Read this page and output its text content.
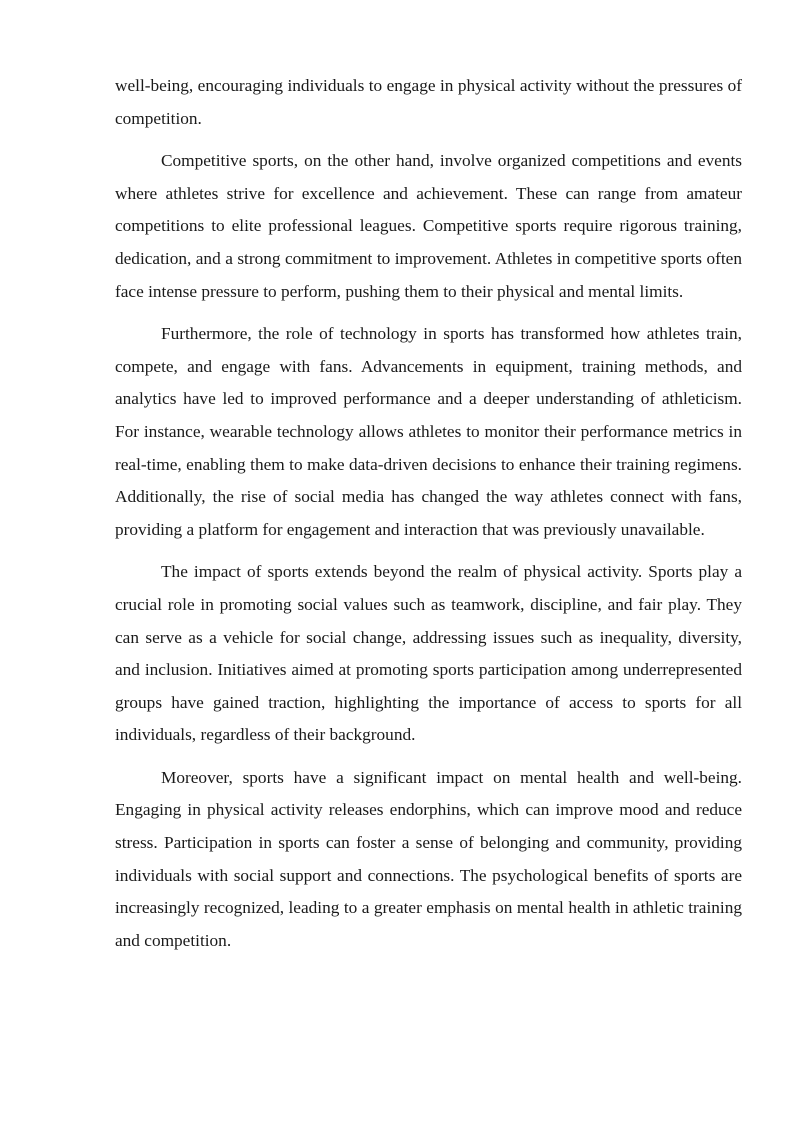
well-being, encouraging individuals to engage in physical activity without the pressures of competition.

Competitive sports, on the other hand, involve organized competitions and events where athletes strive for excellence and achievement. These can range from amateur competitions to elite professional leagues. Competitive sports require rigorous training, dedication, and a strong commitment to improvement. Athletes in competitive sports often face intense pressure to perform, pushing them to their physical and mental limits.

Furthermore, the role of technology in sports has transformed how athletes train, compete, and engage with fans. Advancements in equipment, training methods, and analytics have led to improved performance and a deeper understanding of athleticism. For instance, wearable technology allows athletes to monitor their performance metrics in real-time, enabling them to make data-driven decisions to enhance their training regimens. Additionally, the rise of social media has changed the way athletes connect with fans, providing a platform for engagement and interaction that was previously unavailable.

The impact of sports extends beyond the realm of physical activity. Sports play a crucial role in promoting social values such as teamwork, discipline, and fair play. They can serve as a vehicle for social change, addressing issues such as inequality, diversity, and inclusion. Initiatives aimed at promoting sports participation among underrepresented groups have gained traction, highlighting the importance of access to sports for all individuals, regardless of their background.

Moreover, sports have a significant impact on mental health and well-being. Engaging in physical activity releases endorphins, which can improve mood and reduce stress. Participation in sports can foster a sense of belonging and community, providing individuals with social support and connections. The psychological benefits of sports are increasingly recognized, leading to a greater emphasis on mental health in athletic training and competition.
